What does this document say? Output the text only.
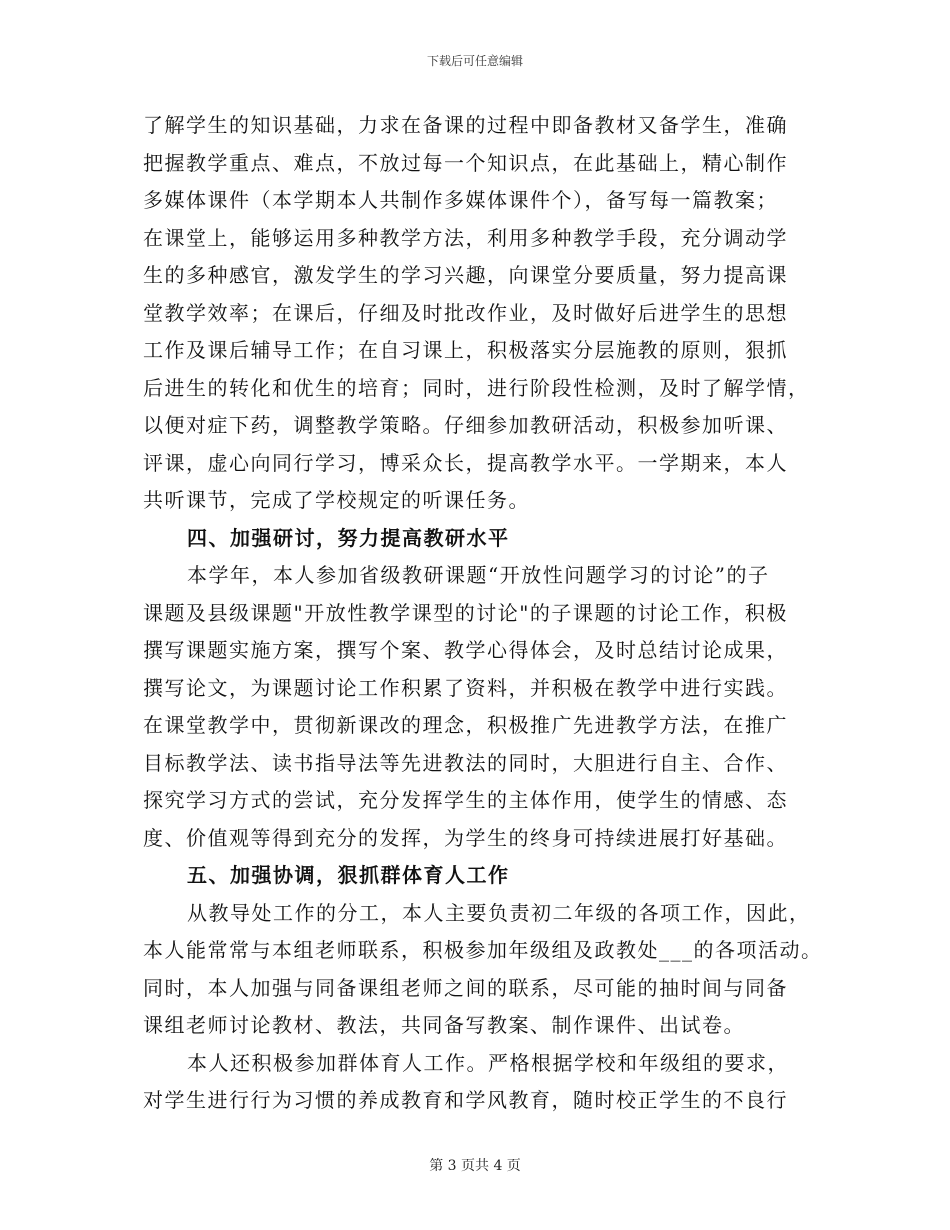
下载后可任意编辑
了解学生的知识基础，力求在备课的过程中即备教材又备学生，准确
把握教学重点、难点，不放过每一个知识点，在此基础上，精心制作
多媒体课件（本学期本人共制作多媒体课件个），备写每一篇教案；
在课堂上，能够运用多种教学方法，利用多种教学手段，充分调动学
生的多种感官，激发学生的学习兴趣，向课堂分要质量，努力提高课
堂教学效率；在课后，仔细及时批改作业，及时做好后进学生的思想
工作及课后辅导工作；在自习课上，积极落实分层施教的原则，狠抓
后进生的转化和优生的培育；同时，进行阶段性检测，及时了解学情，
以便对症下药，调整教学策略。仔细参加教研活动，积极参加听课、
评课，虚心向同行学习，博采众长，提高教学水平。一学期来，本人
共听课节，完成了学校规定的听课任务。
四、加强研讨，努力提高教研水平
本学年，本人参加省级教研课题“开放性问题学习的讨论”的子
课题及县级课题"开放性教学课型的讨论"的子课题的讨论工作，积极
撰写课题实施方案，撰写个案、教学心得体会，及时总结讨论成果，
撰写论文，为课题讨论工作积累了资料，并积极在教学中进行实践。
在课堂教学中，贯彻新课改的理念，积极推广先进教学方法，在推广
目标教学法、读书指导法等先进教法的同时，大胆进行自主、合作、
探究学习方式的尝试，充分发挥学生的主体作用，使学生的情感、态
度、价值观等得到充分的发挥，为学生的终身可持续进展打好基础。
五、加强协调，狠抓群体育人工作
从教导处工作的分工，本人主要负责初二年级的各项工作，因此，
本人能常常与本组老师联系，积极参加年级组及政教处___的各项活动。
同时，本人加强与同备课组老师之间的联系，尽可能的抽时间与同备
课组老师讨论教材、教法，共同备写教案、制作课件、出试卷。
本人还积极参加群体育人工作。严格根据学校和年级组的要求，
对学生进行行为习惯的养成教育和学风教育，随时校正学生的不良行
第 3 页共 4 页
